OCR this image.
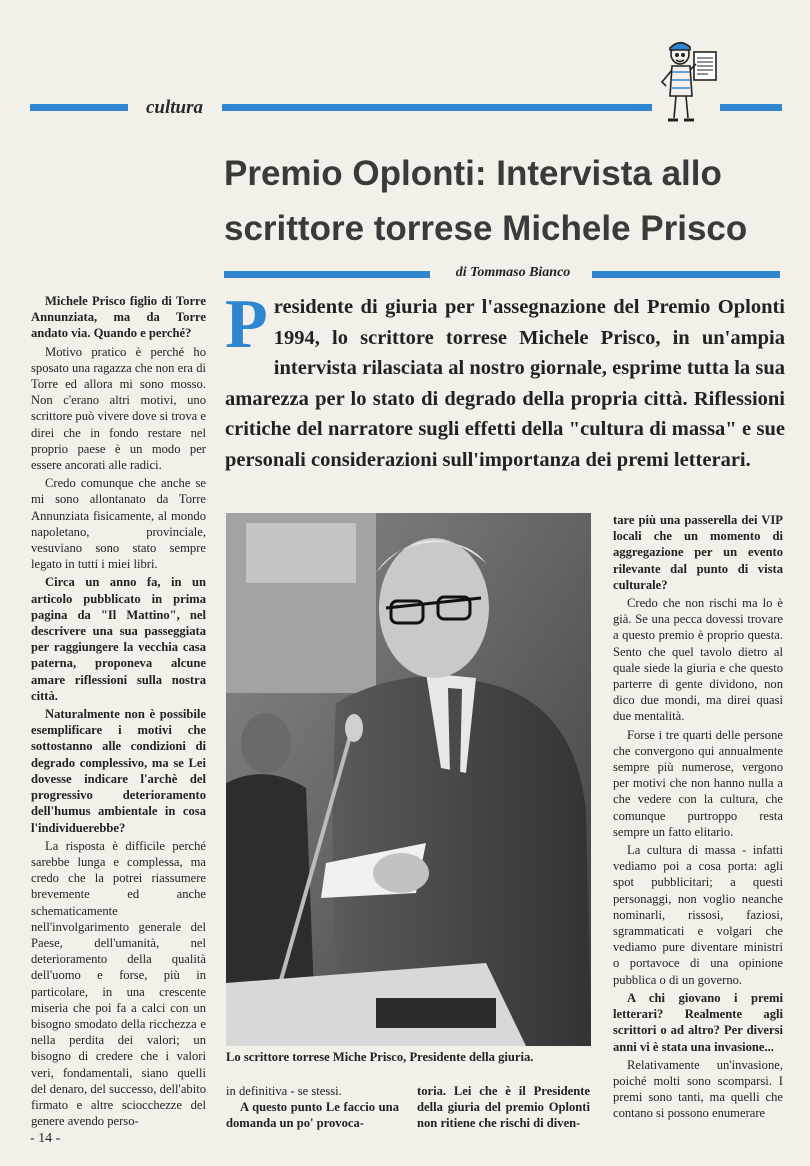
cultura
Premio Oplonti: Intervista allo scrittore torrese Michele Prisco
di Tommaso Bianco

Presidente di giuria per l'assegnazione del Premio Oplonti 1994, lo scrittore torrese Michele Prisco, in un'ampia intervista rilasciata al nostro giornale, esprime tutta la sua amarezza per lo stato di degrado della propria città. Riflessioni critiche del narratore sugli effetti della "cultura di massa" e sue personali considerazioni sull'importanza dei premi letterari.

Michele Prisco figlio di Torre Annunziata, ma da Torre andato via. Quando e perché?

Motivo pratico è perché ho sposato una ragazza che non era di Torre ed allora mi sono mosso. Non c'erano altri motivi, uno scrittore può vivere dove si trova e direi che in fondo restare nel proprio paese è un modo per essere ancorati alle radici.

Credo comunque che anche se mi sono allontanato da Torre Annunziata fisicamente, al mondo napoletano, provinciale, vesuviano sono stato sempre legato in tutti i miei libri.

Circa un anno fa, in un articolo pubblicato in prima pagina da "Il Mattino", nel descrivere una sua passeggiata per raggiungere la vecchia casa paterna, proponeva alcune amare riflessioni sulla nostra città.

Naturalmente non è possibile esemplificare i motivi che sottostanno alle condizioni di degrado complessivo, ma se Lei dovesse indicare l'archè del progressivo deterioramento dell'humus ambientale in cosa l'individuerebbe?

La risposta è difficile perché sarebbe lunga e complessa, ma credo che la potrei riassumere brevemente ed anche schematicamente nell'involgarimento generale del Paese, dell'umanità, nel deterioramento della qualità dell'uomo e forse, più in particolare, in una crescente miseria che poi fa a calci con un bisogno smodato della ricchezza e nella perdita dei valori; un bisogno di credere che i valori veri, fondamentali, siano quelli del denaro, del successo, dell'abito firmato e altre sciocchezze del genere avendo perso-

Lo scrittore torrese Miche Prisco, Presidente della giuria.

tare più una passerella dei VIP locali che un momento di aggregazione per un evento rilevante dal punto di vista culturale?

Credo che non rischi ma lo è già. Se una pecca dovessi trovare a questo premio è proprio questa. Sento che quel tavolo dietro al quale siede la giuria e che questo parterre di gente dividono, non dico due mondi, ma direi quasi due mentalità.

Forse i tre quarti delle persone che convergono qui annualmente sempre più numerose, vergono per motivi che non hanno nulla a che vedere con la cultura, che comunque purtroppo resta sempre un fatto elitario.

La cultura di massa - infatti vediamo poi a cosa porta: agli spot pubblicitari; a questi personaggi, non voglio neanche nominarli, rissosi, faziosi, sgrammaticati e volgari che vediamo pure diventare ministri o portavoce di una opinione pubblica o di un governo.

A chi giovano i premi letterari? Realmente agli scrittori o ad altro? Per diversi anni vi è stata una invasione...

Relativamente un'invasione, poiché molti sono scomparsi. I premi sono tanti, ma quelli che contano si possono enumerare

in definitiva - se stessi.

A questo punto Le faccio una domanda un po' provoca-

toria. Lei che è il Presidente della giuria del premio Oplonti non ritiene che rischi di diven-

- 14 -
